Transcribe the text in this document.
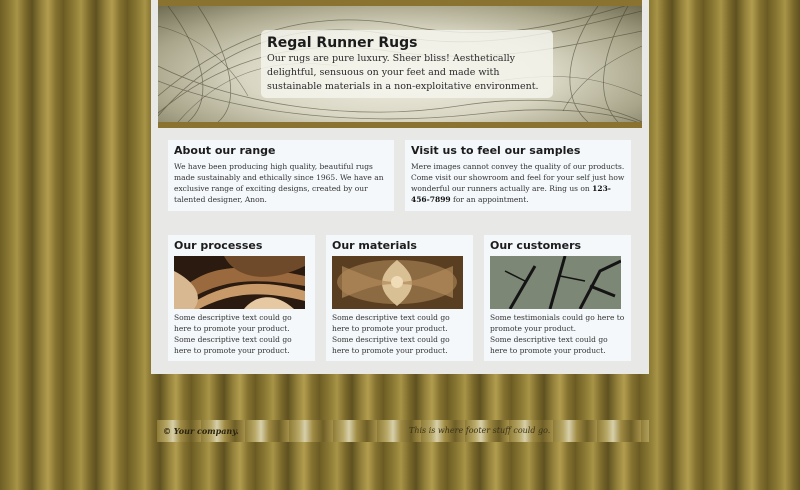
Regal Runner Rugs

Our rugs are pure luxury. Sheer bliss! Aesthetically delightful, sensuous on your feet and made with sustainable materials in a non-exploitative environment.

About our range

We have been producing high quality, beautiful rugs made sustainably and ethically since 1965. We have an exclusive range of exciting designs, created by our talented designer, Anon.

Visit us to feel our samples

Mere images cannot convey the quality of our products. Come visit our showroom and feel for your self just how wonderful our runners actually are. Ring us on 123-456-7899 for an appointment.

Our processes

Some descriptive text could go here to promote your product.

Some descriptive text could go here to promote your product.

Our materials

Some descriptive text could go here to promote your product.

Some descriptive text could go here to promote your product.

Our customers

Some testimonials could go here to promote your product.

Some descriptive text could go here to promote your product.

© Your company.	This is where footer stuff could go.
